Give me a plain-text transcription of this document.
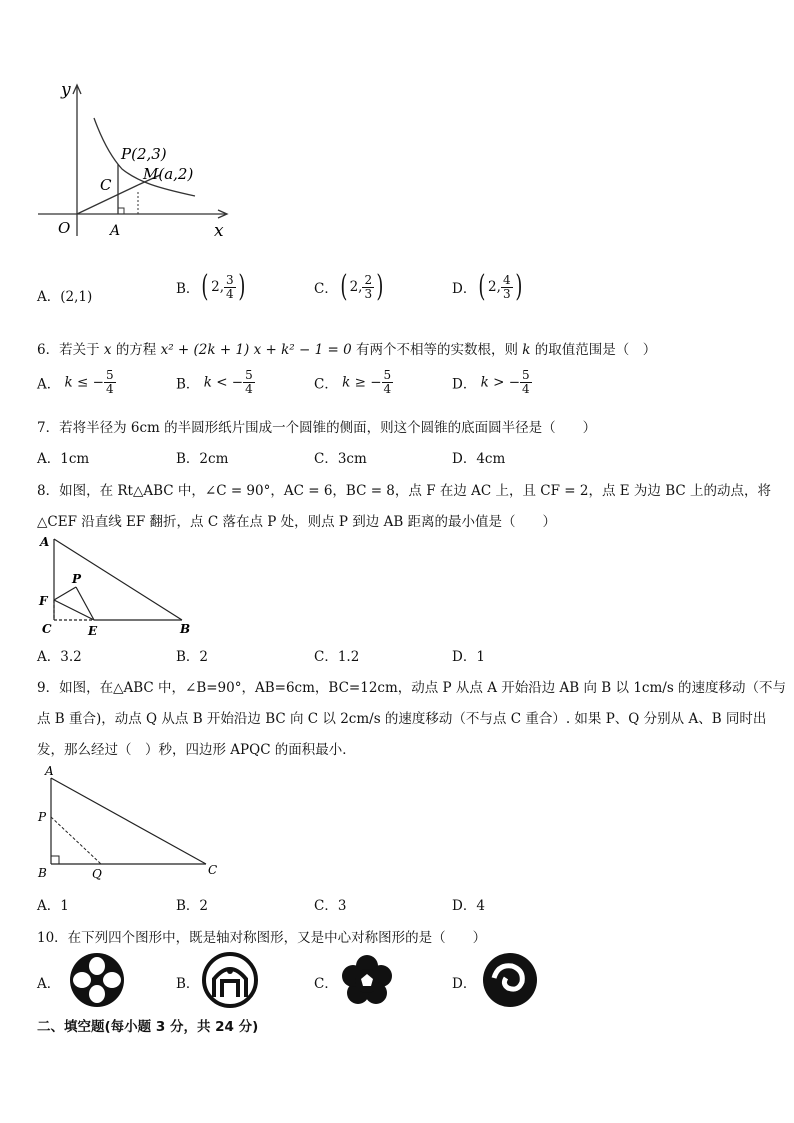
y
x
O	A
C
P(2,3)
M(a,2)
A．(2,1)	B．( 2, $\frac{3}{4}$ )	C．( 2, $\frac{2}{3}$ )	D．( 2, $\frac{4}{3}$ )
6．若关于 x 的方程 x² + (2k + 1) x + k² − 1 = 0 有两个不相等的实数根，则 k 的取值范围是（　）
A． k ≤ − $\frac{5}{4}$	B． k < − $\frac{5}{4}$	C． k ≥ − $\frac{5}{4}$	D． k > − $\frac{5}{4}$
7．若将半径为 6cm 的半圆形纸片围成一个圆锥的侧面，则这个圆锥的底面圆半径是（　　）
A．1cm	B．2cm	C．3cm	D．4cm
8．如图，在 Rt△ABC 中，∠C = 90°，AC = 6，BC = 8，点 F 在边 AC 上，且 CF = 2，点 E 为边 BC 上的动点，将
△CEF 沿直线 EF 翻折，点 C 落在点 P 处，则点 P 到边 AB 距离的最小值是（　　）
A
P
F
C	E	B
A．3.2	B．2	C．1.2	D．1
9．如图，在△ABC 中，∠B=90°，AB=6cm，BC=12cm，动点 P 从点 A 开始沿边 AB 向 B 以 1cm/s 的速度移动（不与
点 B 重合)，动点 Q 从点 B 开始沿边 BC 向 C 以 2cm/s 的速度移动（不与点 C 重合）. 如果 P、Q 分别从 A、B 同时出
发，那么经过（　）秒，四边形 APQC 的面积最小．
A
P
B	Q	C
A．1	B．2	C．3	D．4
10．在下列四个图形中，既是轴对称图形，又是中心对称图形的是（　　）
A．	B．	C．	D．
二、填空题(每小题 3 分，共 24 分)
